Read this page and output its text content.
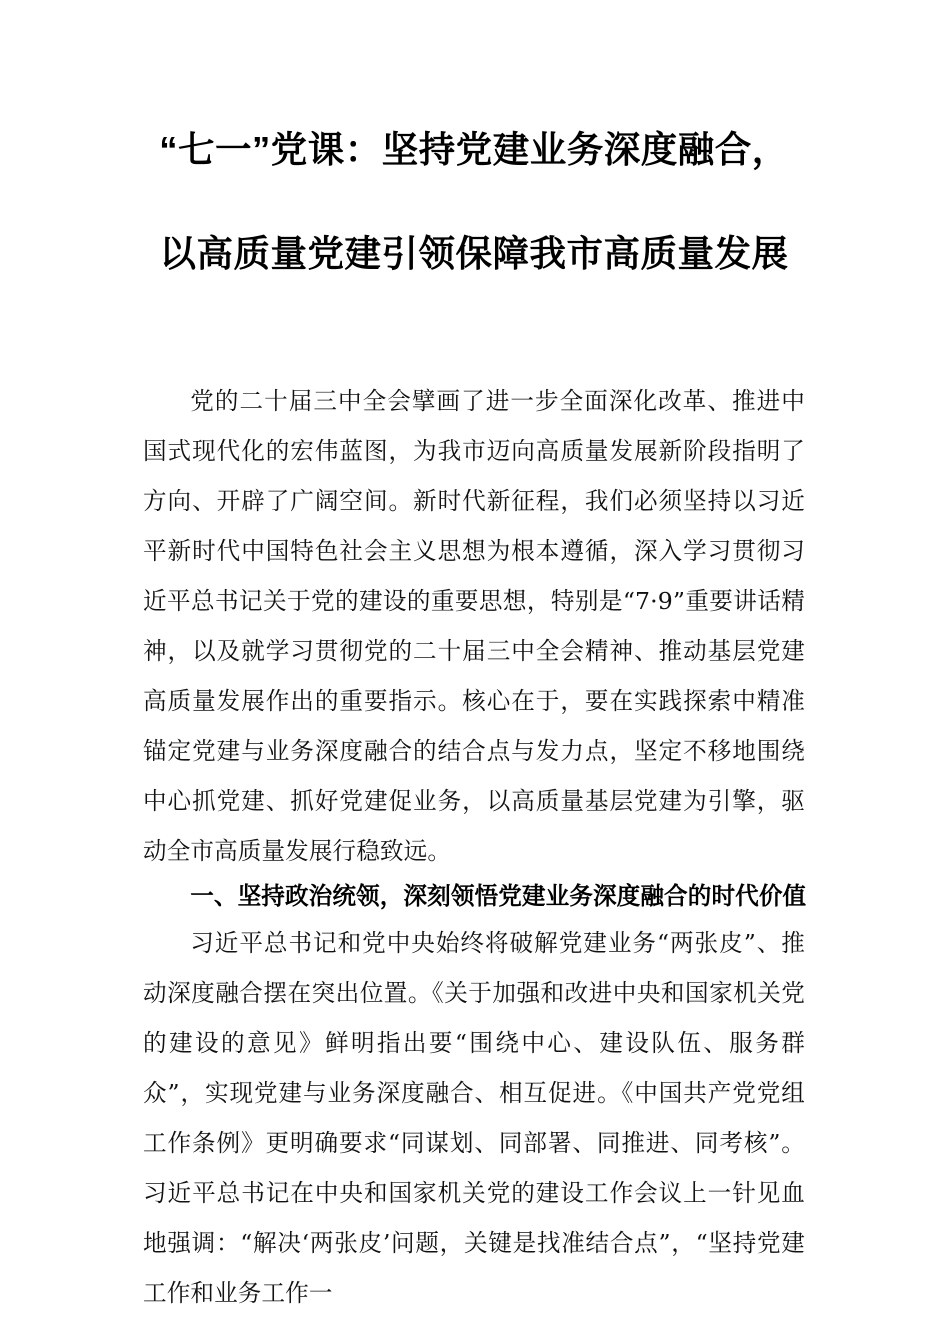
“七一”党课：坚持党建业务深度融合，
以高质量党建引领保障我市高质量发展

党的二十届三中全会擘画了进一步全面深化改革、推进中国式现代化的宏伟蓝图，为我市迈向高质量发展新阶段指明了方向、开辟了广阔空间。新时代新征程，我们必须坚持以习近平新时代中国特色社会主义思想为根本遵循，深入学习贯彻习近平总书记关于党的建设的重要思想，特别是“7·9”重要讲话精神，以及就学习贯彻党的二十届三中全会精神、推动基层党建高质量发展作出的重要指示。核心在于，要在实践探索中精准锚定党建与业务深度融合的结合点与发力点，坚定不移地围绕中心抓党建、抓好党建促业务，以高质量基层党建为引擎，驱动全市高质量发展行稳致远。

一、坚持政治统领，深刻领悟党建业务深度融合的时代价值

习近平总书记和党中央始终将破解党建业务“两张皮”、推动深度融合摆在突出位置。《关于加强和改进中央和国家机关党的建设的意见》鲜明指出要“围绕中心、建设队伍、服务群众”，实现党建与业务深度融合、相互促进。《中国共产党党组工作条例》更明确要求“同谋划、同部署、同推进、同考核”。习近平总书记在中央和国家机关党的建设工作会议上一针见血地强调：“解决‘两张皮’问题，关键是找准结合点”，“坚持党建工作和业务工作一
